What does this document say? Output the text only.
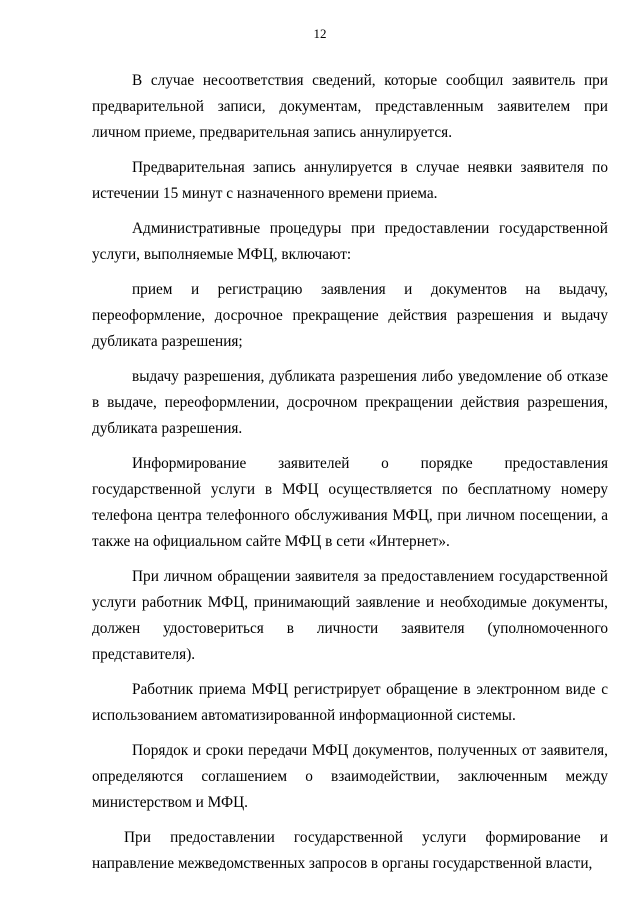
12

В случае несоответствия сведений, которые сообщил заявитель при предварительной записи, документам, представленным заявителем при личном приеме, предварительная запись аннулируется.

Предварительная запись аннулируется в случае неявки заявителя по истечении 15 минут с назначенного времени приема.

Административные процедуры при предоставлении государственной услуги, выполняемые МФЦ, включают:

прием и регистрацию заявления и документов на выдачу, переоформление, досрочное прекращение действия разрешения и выдачу дубликата разрешения;

выдачу разрешения, дубликата разрешения либо уведомление об отказе в выдаче, переоформлении, досрочном прекращении действия разрешения, дубликата разрешения.

Информирование заявителей о порядке предоставления государственной услуги в МФЦ осуществляется по бесплатному номеру телефона центра телефонного обслуживания МФЦ, при личном посещении, а также на официальном сайте МФЦ в сети «Интернет».

При личном обращении заявителя за предоставлением государственной услуги работник МФЦ, принимающий заявление и необходимые документы, должен удостовериться в личности заявителя (уполномоченного представителя).

Работник приема МФЦ регистрирует обращение в электронном виде с использованием автоматизированной информационной системы.

Порядок и сроки передачи МФЦ документов, полученных от заявителя, определяются соглашением о взаимодействии, заключенным между министерством и МФЦ.

При предоставлении государственной услуги формирование и направление межведомственных запросов в органы государственной власти,
